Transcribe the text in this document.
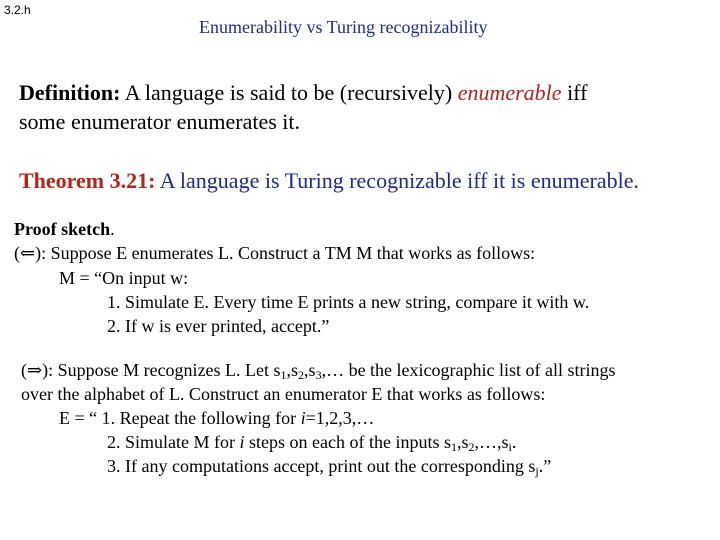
3.2.h
Enumerability vs Turing recognizability
Definition: A language is said to be (recursively) enumerable iff
some enumerator enumerates it.
Theorem 3.21: A language is Turing recognizable iff it is enumerable.
Proof sketch.
(⇐): Suppose E enumerates L. Construct a TM M that works as follows:
M = “On input w:
1. Simulate E. Every time E prints a new string, compare it with w.
2. If w is ever printed, accept.”
(⇒): Suppose M recognizes L. Let $s_1,s_2,s_3,\dots$ be the lexicographic list of all strings
over the alphabet of L. Construct an enumerator E that works as follows:
E = “ 1. Repeat the following for i=1,2,3,…
2. Simulate M for i steps on each of the inputs $s_1,s_2,\dots,s_i$.
3. If any computations accept, print out the corresponding $s_j$.”
